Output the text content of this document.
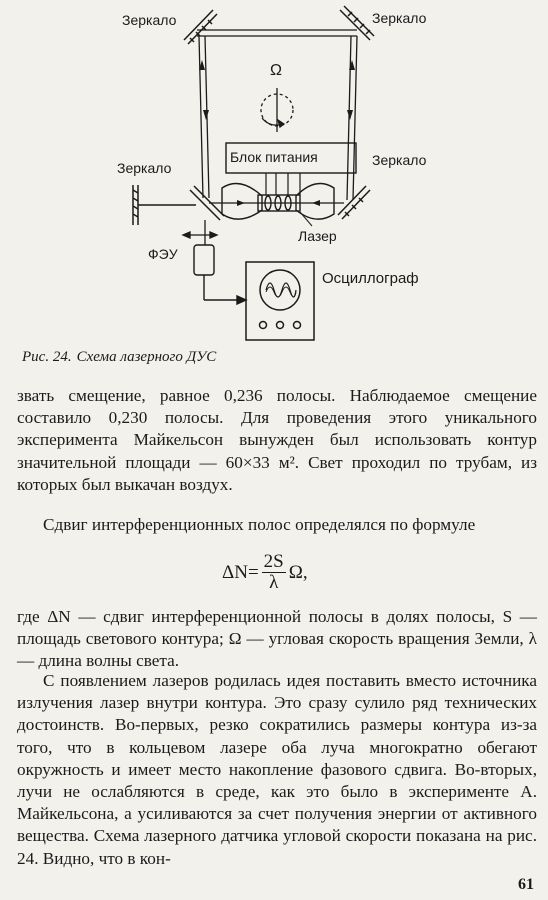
Зеркало	Зеркало
Ω
Блок питания
Зеркало	Зеркало
Лазер
ФЭУ
Осциллограф
Рис. 24. Схема лазерного ДУС

звать смещение, равное 0,236 полосы. Наблюдаемое смещение составило 0,230 полосы. Для проведения этого уникального эксперимента Майкельсон вынужден был использовать контур значительной площади — 60×33 м². Свет проходил по трубам, из которых был выкачан воздух.

Сдвиг интерференционных полос определялся по формуле

$\Delta N= \frac{2S}{\lambda} \Omega$,

где ΔN — сдвиг интерференционной полосы в долях полосы, S — площадь светового контура; Ω — угловая скорость вращения Земли, λ — длина волны света.

С появлением лазеров родилась идея поставить вместо источника излучения лазер внутри контура. Это сразу сулило ряд технических достоинств. Во-первых, резко сократились размеры контура из-за того, что в кольцевом лазере оба луча многократно обегают окружность и имеет место накопление фазового сдвига. Во-вторых, лучи не ослабляются в среде, как это было в эксперименте А. Майкельсона, а усиливаются за счет получения энергии от активного вещества. Схема лазерного датчика угловой скорости показана на рис. 24. Видно, что в кон-

61
